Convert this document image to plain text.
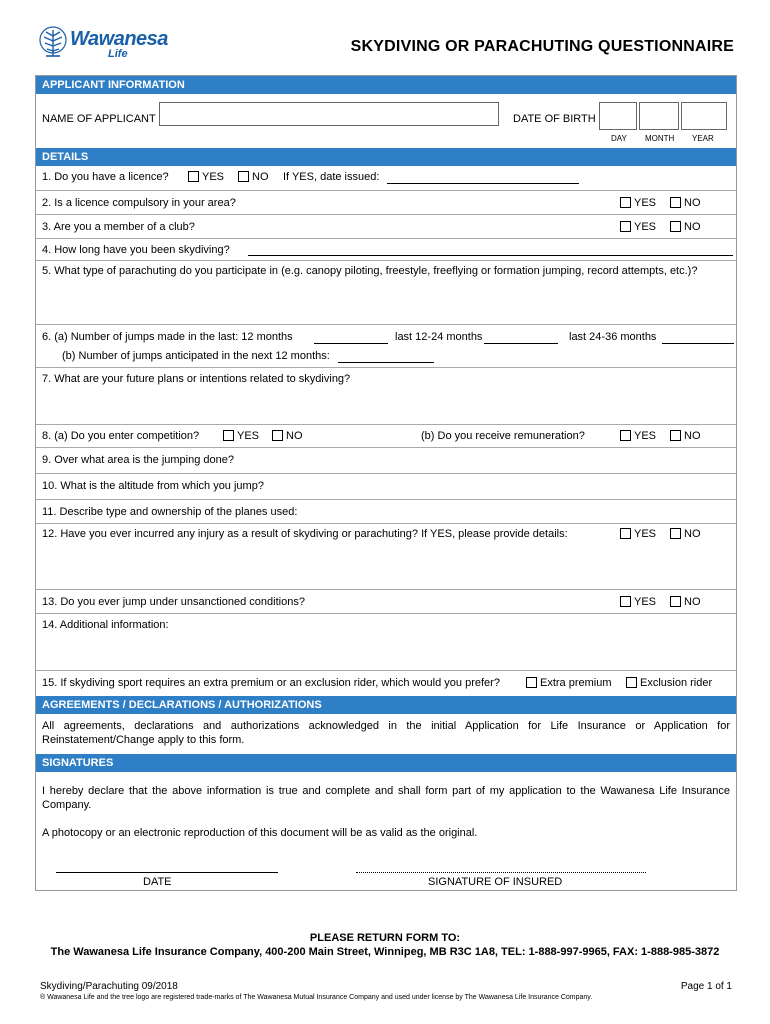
Wawanesa
Life	SKYDIVING OR PARACHUTING QUESTIONNAIRE
APPLICANT INFORMATION
NAME OF APPLICANT	DATE OF BIRTH
DAY MONTH YEAR
DETAILS
1. Do you have a licence?	YES	NO If YES, date issued:
2. Is a licence compulsory in your area?	YES	NO
3. Are you a member of a club?	YES	NO
4. How long have you been skydiving?
5. What type of parachuting do you participate in (e.g. canopy piloting, freestyle, freeflying or formation jumping, record attempts, etc.)?
6. (a) Number of jumps made in the last: 12 months	last 12-24 months	last 24-36 months
(b) Number of jumps anticipated in the next 12 months:
7. What are your future plans or intentions related to skydiving?
8. (a) Do you enter competition?	YES	NO	(b) Do you receive remuneration?	YES	NO
9. Over what area is the jumping done?
10. What is the altitude from which you jump?
11. Describe type and ownership of the planes used:
12. Have you ever incurred any injury as a result of skydiving or parachuting? If YES, please provide details:	YES	NO
13. Do you ever jump under unsanctioned conditions?	YES	NO
14. Additional information:
15. If skydiving sport requires an extra premium or an exclusion rider, which would you prefer?	Extra premium	Exclusion rider
AGREEMENTS / DECLARATIONS / AUTHORIZATIONS
All agreements, declarations and authorizations acknowledged in the initial Application for Life Insurance or Application for Reinstatement/Change apply to this form.
SIGNATURES
I hereby declare that the above information is true and complete and shall form part of my application to the Wawanesa Life Insurance Company.
A photocopy or an electronic reproduction of this document will be as valid as the original.
DATE	SIGNATURE OF INSURED
PLEASE RETURN FORM TO:
The Wawanesa Life Insurance Company, 400-200 Main Street, Winnipeg, MB R3C 1A8, TEL: 1-888-997-9965, FAX: 1-888-985-3872
Skydiving/Parachuting 09/2018	Page 1 of 1
® Wawanesa Life and the tree logo are registered trade-marks of The Wawanesa Mutual Insurance Company and used under license by The Wawanesa Life Insurance Company.
